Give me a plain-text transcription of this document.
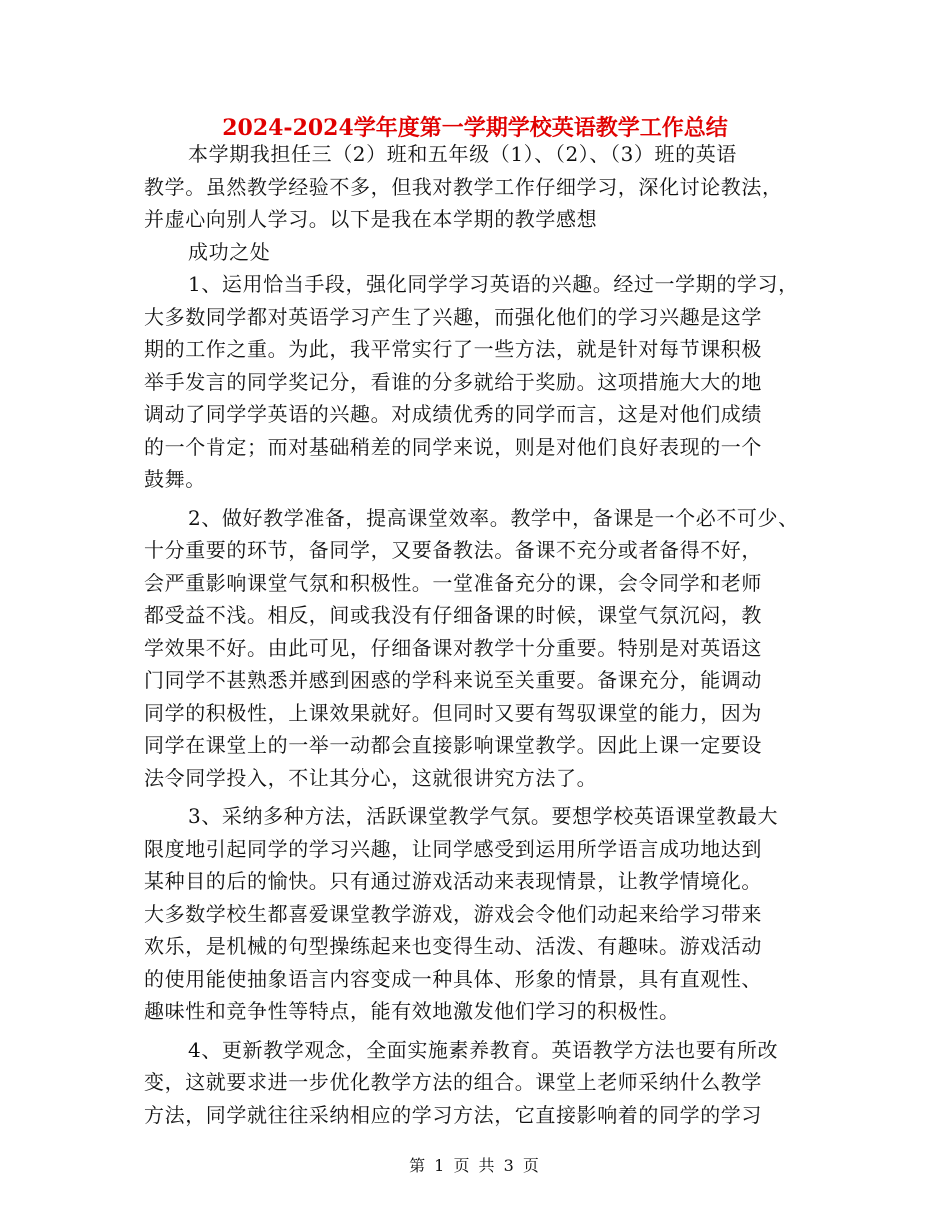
2024-2024学年度第一学期学校英语教学工作总结
本学期我担任三（2）班和五年级（1）、（2）、（3）班的英语
教学。虽然教学经验不多，但我对教学工作仔细学习，深化讨论教法，
并虚心向别人学习。以下是我在本学期的教学感想
成功之处
1、运用恰当手段，强化同学学习英语的兴趣。经过一学期的学习，
大多数同学都对英语学习产生了兴趣，而强化他们的学习兴趣是这学
期的工作之重。为此，我平常实行了一些方法，就是针对每节课积极
举手发言的同学奖记分，看谁的分多就给于奖励。这项措施大大的地
调动了同学学英语的兴趣。对成绩优秀的同学而言，这是对他们成绩
的一个肯定；而对基础稍差的同学来说，则是对他们良好表现的一个
鼓舞。
2、做好教学准备，提高课堂效率。教学中，备课是一个必不可少、
十分重要的环节，备同学，又要备教法。备课不充分或者备得不好，
会严重影响课堂气氛和积极性。一堂准备充分的课，会令同学和老师
都受益不浅。相反，间或我没有仔细备课的时候，课堂气氛沉闷，教
学效果不好。由此可见，仔细备课对教学十分重要。特别是对英语这
门同学不甚熟悉并感到困惑的学科来说至关重要。备课充分，能调动
同学的积极性，上课效果就好。但同时又要有驾驭课堂的能力，因为
同学在课堂上的一举一动都会直接影响课堂教学。因此上课一定要设
法令同学投入，不让其分心，这就很讲究方法了。
3、采纳多种方法，活跃课堂教学气氛。要想学校英语课堂教最大
限度地引起同学的学习兴趣，让同学感受到运用所学语言成功地达到
某种目的后的愉快。只有通过游戏活动来表现情景，让教学情境化。
大多数学校生都喜爱课堂教学游戏，游戏会令他们动起来给学习带来
欢乐，是机械的句型操练起来也变得生动、活泼、有趣味。游戏活动
的使用能使抽象语言内容变成一种具体、形象的情景，具有直观性、
趣味性和竞争性等特点，能有效地激发他们学习的积极性。
4、更新教学观念，全面实施素养教育。英语教学方法也要有所改
变，这就要求进一步优化教学方法的组合。课堂上老师采纳什么教学
方法，同学就往往采纳相应的学习方法，它直接影响着的同学的学习
第 1 页 共 3 页
